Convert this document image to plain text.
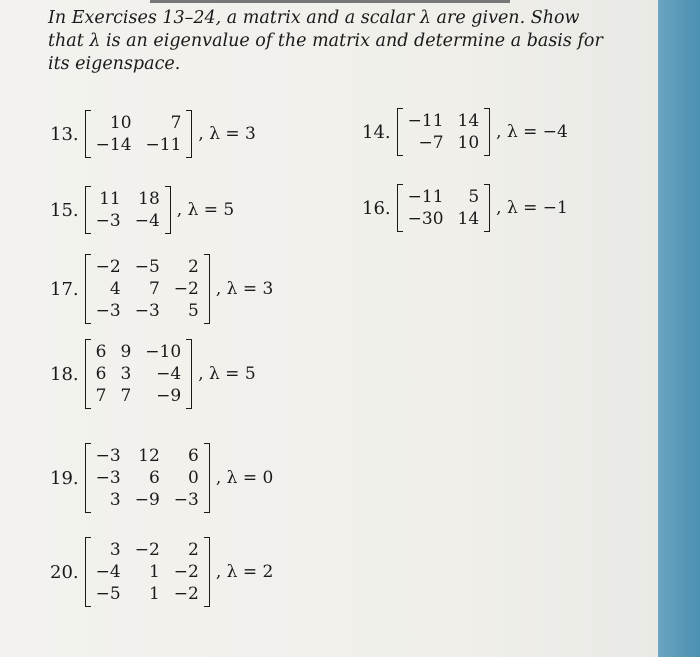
In Exercises 13–24, a matrix and a scalar λ are given. Show that λ is an eigenvalue of the matrix and determine a basis for its eigenspace.
13.
10	7
−14 −11
, λ = 3	14.
−11 14
−7 10
, λ = −4
15.
11 18
−3 −4
, λ = 5	16.
−11	5
−30 14
, λ = −1
17.
−2 −5	2
4	7 −2
−3 −3	5
, λ = 3
18.
6 9 −10
6 3	−4
7 7	−9
, λ = 5
19.
−3 12	6
−3	6	0
3 −9 −3
, λ = 0
20.
3 −2	2
−4	1 −2
−5	1 −2
, λ = 2
